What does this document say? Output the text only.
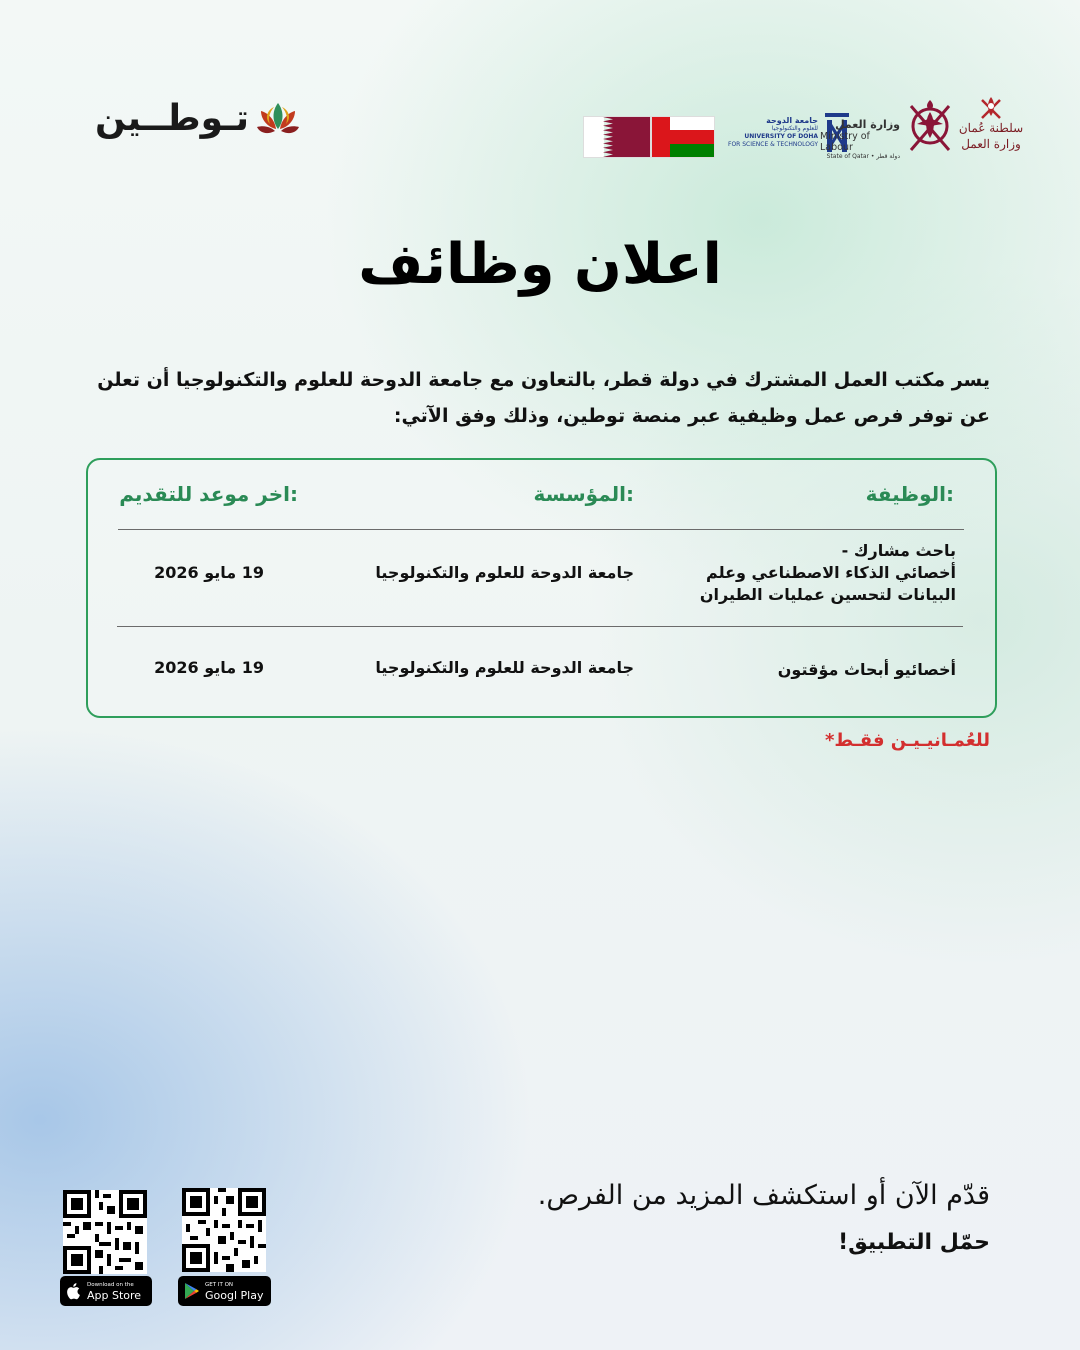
تـوطــين	جامعة الدوحة
للعلوم والتكنولوجيا
UNIVERSITY OF DOHA
FOR SCIENCE & TECHNOLOGY
وزارة العمل
Ministry of Labour
State of Qatar • دولة قطر
سلطنة عُمان
وزارة العمل
اعلان وظائف
يسر مكتب العمل المشترك في دولة قطر، بالتعاون مع جامعة الدوحة للعلوم والتكنولوجيا أن تعلن عن توفر فرص عمل وظيفية عبر منصة توطين، وذلك وفق الآتي:
الوظيفة:
المؤسسة:
اخر موعد للتقديم:
باحث مشارك -
أخصائي الذكاء الاصطناعي وعلم
البيانات لتحسين عمليات الطيران
جامعة الدوحة للعلوم والتكنولوجيا
19 مايو 2026
أخصائيو أبحاث مؤقتون
جامعة الدوحة للعلوم والتكنولوجيا
19 مايو 2026
للعُمـانيـيـن فقـط*
قدّم الآن أو استكشف المزيد من الفرص.
حمّل التطبيق!
Download on the
App Store
GET IT ON
Googl Play
